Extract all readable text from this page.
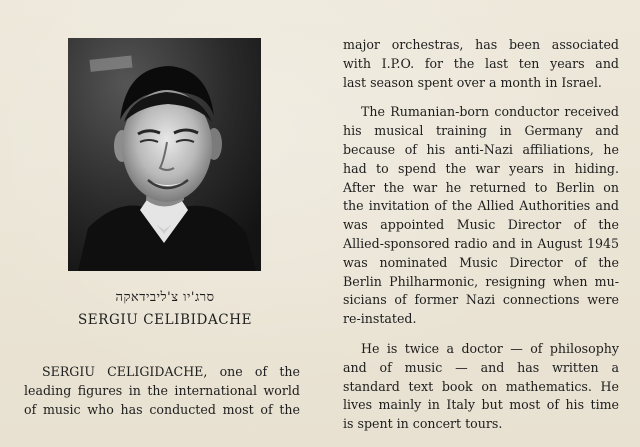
סרג'יו צ'ליבידאקה
SERGIU CELIBIDACHE
SERGIU CELIGIDACHE, one of the
leading figures in the international world
of music who has conducted most of the
major orchestras, has been associated
with I.P.O. for the last ten years and
last season spent over a month in Israel.
The Rumanian-born conductor received
his musical training in Germany and
because of his anti-Nazi affiliations, he
had to spend the war years in hiding.
After the war he returned to Berlin on
the invitation of the Allied Authorities and
was appointed Music Director of the
Allied-sponsored radio and in August 1945
was nominated Music Director of the
Berlin Philharmonic, resigning when mu-
sicians of former Nazi connections were
re-instated.
He is twice a doctor — of philosophy
and of music — and has written a
standard text book on mathematics. He
lives mainly in Italy but most of his time
is spent in concert tours.
